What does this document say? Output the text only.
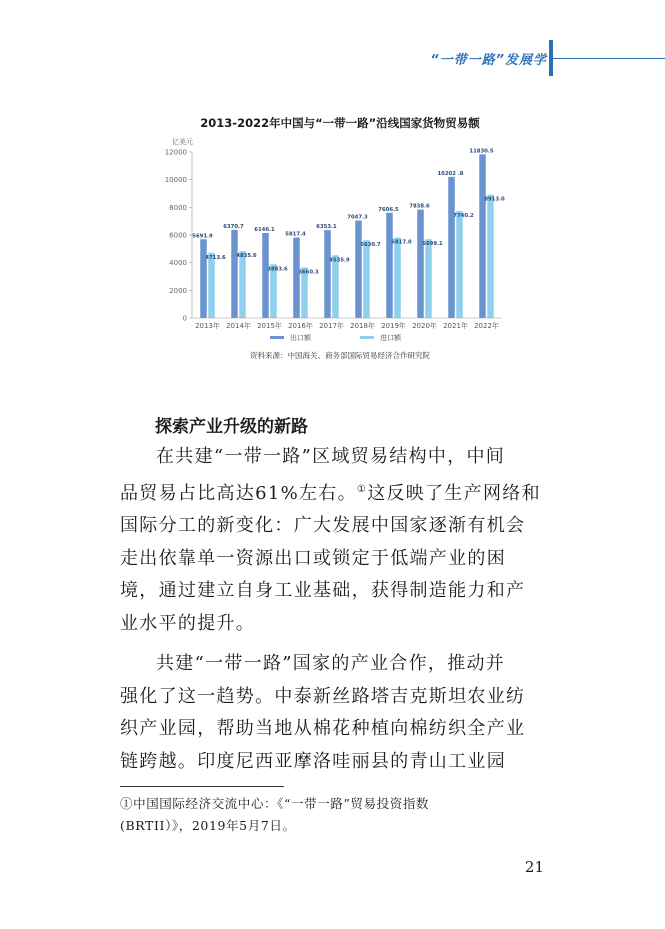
“一带一路”发展学
2013-2022年中国与“一带一路”沿线国家货物贸易额
亿美元
0
2000
4000
6000
8000
10000
12000
5691.9
4713.6
6370.7
4835.6
6146.1
3883.6
5817.4
3660.3
6353.1
4535.9
7047.3
5630.7
7606.5
5817.0
7838.6
5699.1
10202 .8
7740.2
11830.5
8913.0
2013年 2014年 2015年 2016年 2017年 2018年 2019年 2020年 2021年 2022年
出口额	进口额
资料来源：中国海关、商务部国际贸易经济合作研究院
探索产业升级的新路
在共建“一带一路”区域贸易结构中，中间
品贸易占比高达61%左右。①这反映了生产网络和
国际分工的新变化：广大发展中国家逐渐有机会
走出依靠单一资源出口或锁定于低端产业的困
境，通过建立自身工业基础，获得制造能力和产
业水平的提升。
共建“一带一路”国家的产业合作，推动并
强化了这一趋势。中泰新丝路塔吉克斯坦农业纺
织产业园，帮助当地从棉花种植向棉纺织全产业
链跨越。印度尼西亚摩洛哇丽县的青山工业园
①中国国际经济交流中心：《“一带一路”贸易投资指数
(BRTII）》，2019年5月7日。
21
